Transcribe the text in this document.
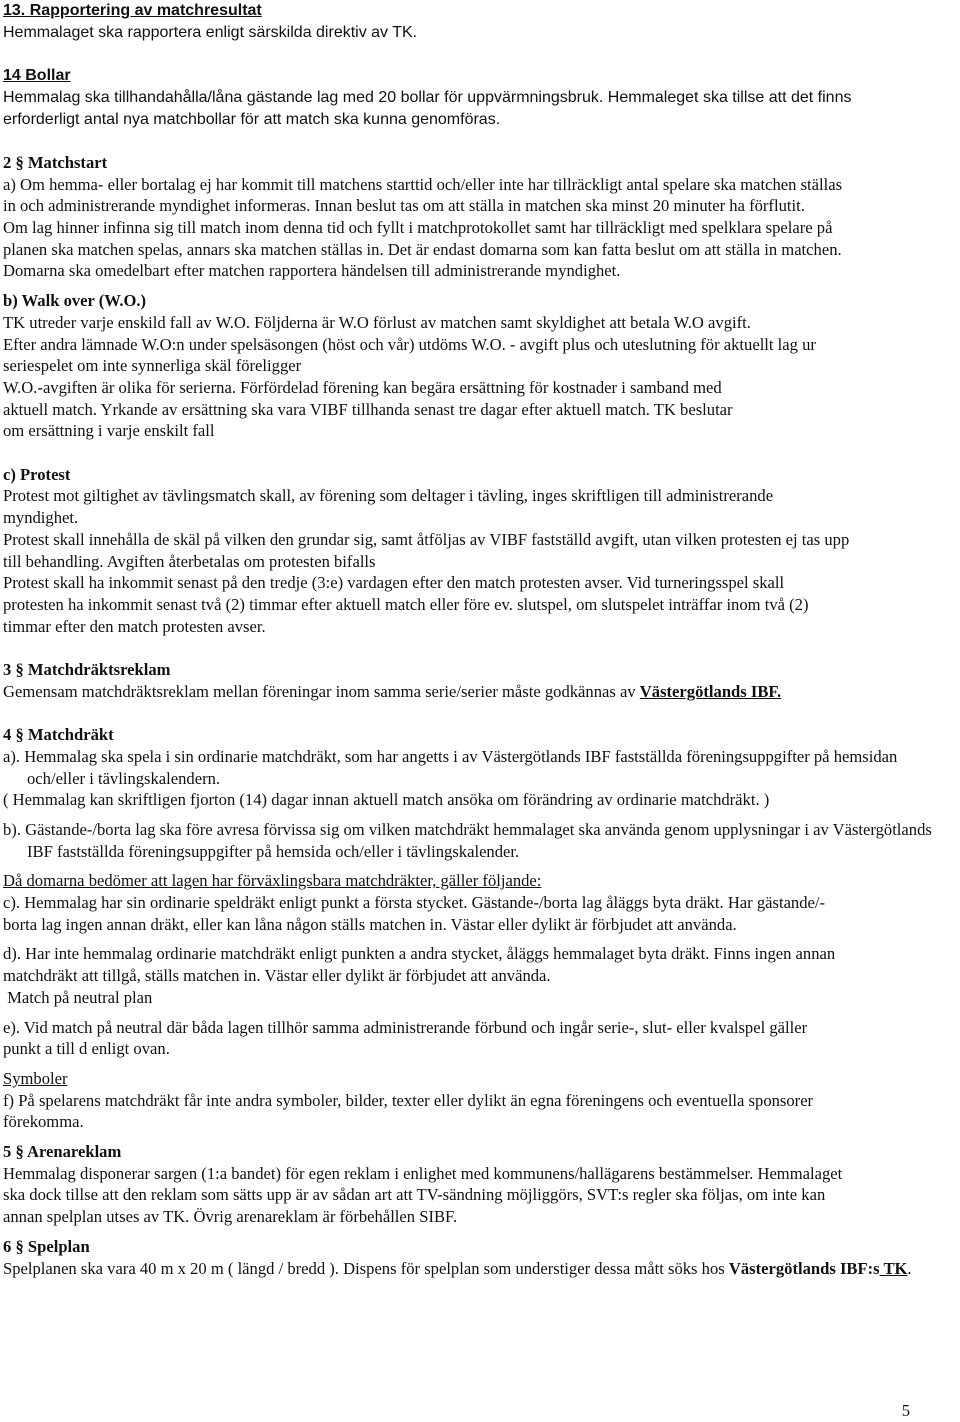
13. Rapportering av matchresultat
Hemmalaget ska rapportera enligt särskilda direktiv av TK.
14 Bollar
Hemmalag ska tillhandahålla/låna gästande lag med 20 bollar för uppvärmningsbruk. Hemmaleget ska tillse att det finns
erforderligt antal nya matchbollar för att match ska kunna genomföras.
2 § Matchstart
a) Om hemma- eller bortalag ej har kommit till matchens starttid och/eller inte har tillräckligt antal spelare ska matchen ställas
in och administrerande myndighet informeras. Innan beslut tas om att ställa in matchen ska minst 20 minuter ha förflutit.
Om lag hinner infinna sig till match inom denna tid och fyllt i matchprotokollet samt har tillräckligt med spelklara spelare på
planen ska matchen spelas, annars ska matchen ställas in. Det är endast domarna som kan fatta beslut om att ställa in matchen.
Domarna ska omedelbart efter matchen rapportera händelsen till administrerande myndighet.
b) Walk over (W.O.)
TK utreder varje enskild fall av W.O. Följderna är W.O förlust av matchen samt skyldighet att betala W.O avgift.
Efter andra lämnade W.O:n under spelsäsongen (höst och vår) utdöms W.O. - avgift plus och uteslutning för aktuellt lag ur
seriespelet om inte synnerliga skäl föreligger
W.O.-avgiften är olika för serierna. Förfördelad förening kan begära ersättning för kostnader i samband med
aktuell match. Yrkande av ersättning ska vara VIBF tillhanda senast tre dagar efter aktuell match. TK beslutar
om ersättning i varje enskilt fall
c) Protest
Protest mot giltighet av tävlingsmatch skall, av förening som deltager i tävling, inges skriftligen till administrerande
myndighet.
Protest skall innehålla de skäl på vilken den grundar sig, samt åtföljas av VIBF fastställd avgift, utan vilken protesten ej tas upp
till behandling. Avgiften återbetalas om protesten bifalls
Protest skall ha inkommit senast på den tredje (3:e) vardagen efter den match protesten avser. Vid turneringsspel skall
protesten ha inkommit senast två (2) timmar efter aktuell match eller före ev. slutspel, om slutspelet inträffar inom två (2)
timmar efter den match protesten avser.
3 § Matchdräktsreklam
Gemensam matchdräktsreklam mellan föreningar inom samma serie/serier måste godkännas av Västergötlands IBF.
4 § Matchdräkt
a). Hemmalag ska spela i sin ordinarie matchdräkt, som har angetts i av Västergötlands IBF fastställda föreningsuppgifter på hemsidan och/eller i tävlingskalendern.
( Hemmalag kan skriftligen fjorton (14) dagar innan aktuell match ansöka om förändring av ordinarie matchdräkt. )
b). Gästande-/borta lag ska före avresa förvissa sig om vilken matchdräkt hemmalaget ska använda genom upplysningar i av Västergötlands IBF fastställda föreningsuppgifter på hemsida och/eller i tävlingskalender.
Då domarna bedömer att lagen har förväxlingsbara matchdräkter, gäller följande:
c). Hemmalag har sin ordinarie speldräkt enligt punkt a första stycket. Gästande-/borta lag åläggs byta dräkt. Har gästande/-
borta lag ingen annan dräkt, eller kan låna någon ställs matchen in. Västar eller dylikt är förbjudet att använda.
d). Har inte hemmalag ordinarie matchdräkt enligt punkten a andra stycket, åläggs hemmalaget byta dräkt. Finns ingen annan
matchdräkt att tillgå, ställs matchen in. Västar eller dylikt är förbjudet att använda.
Match på neutral plan
e). Vid match på neutral där båda lagen tillhör samma administrerande förbund och ingår serie-, slut- eller kvalspel gäller
punkt a till d enligt ovan.
Symboler
f) På spelarens matchdräkt får inte andra symboler, bilder, texter eller dylikt än egna föreningens och eventuella sponsorer
förekomma.
5 § Arenareklam
Hemmalag disponerar sargen (1:a bandet) för egen reklam i enlighet med kommunens/hallägarens bestämmelser. Hemmalaget
ska dock tillse att den reklam som sätts upp är av sådan art att TV-sändning möjliggörs, SVT:s regler ska följas, om inte kan
annan spelplan utses av TK. Övrig arenareklam är förbehållen SIBF.
6 § Spelplan
Spelplanen ska vara 40 m x 20 m ( längd / bredd ). Dispens för spelplan som understiger dessa mått söks hos Västergötlands IBF:s TK.
5
